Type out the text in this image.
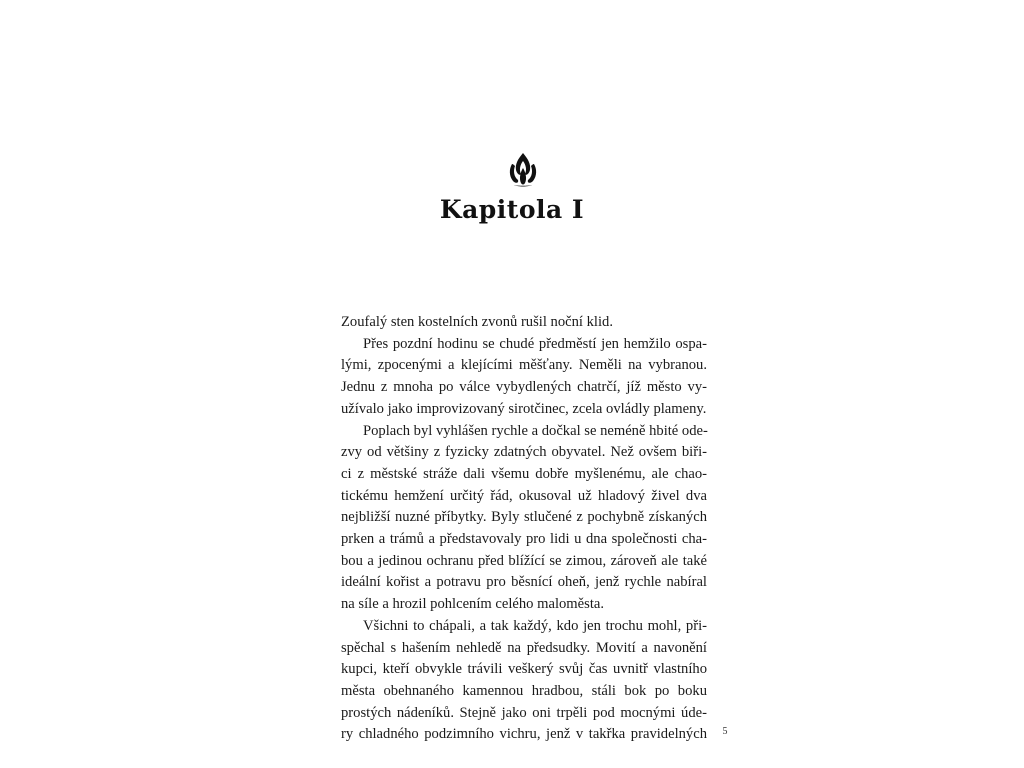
Kapitola I
Zoufalý sten kostelních zvonů rušil noční klid.
Přes pozdní hodinu se chudé předměstí jen hemžilo ospa-
lými, zpocenými a klejícími měšťany. Neměli na vybranou.
Jednu z mnoha po válce vybydlených chatrčí, jíž město vy-
užívalo jako improvizovaný sirotčinec, zcela ovládly plameny.
Poplach byl vyhlášen rychle a dočkal se neméně hbité ode-
zvy od většiny z fyzicky zdatných obyvatel. Než ovšem biři-
ci z městské stráže dali všemu dobře myšlenému, ale chao-
tickému hemžení určitý řád, okusoval už hladový živel dva
nejbližší nuzné příbytky. Byly stlučené z pochybně získaných
prken a trámů a představovaly pro lidi u dna společnosti cha-
bou a jedinou ochranu před blížící se zimou, zároveň ale také
ideální kořist a potravu pro běsnící oheň, jenž rychle nabíral
na síle a hrozil pohlcením celého maloměsta.
Všichni to chápali, a tak každý, kdo jen trochu mohl, při-
spěchal s hašením nehledě na předsudky. Movití a navonění
kupci, kteří obvykle trávili veškerý svůj čas uvnitř vlastního
města obehnaného kamennou hradbou, stáli bok po boku
prostých nádeníků. Stejně jako oni trpěli pod mocnými úde-
ry chladného podzimního vichru, jenž v takřka pravidelných	5
